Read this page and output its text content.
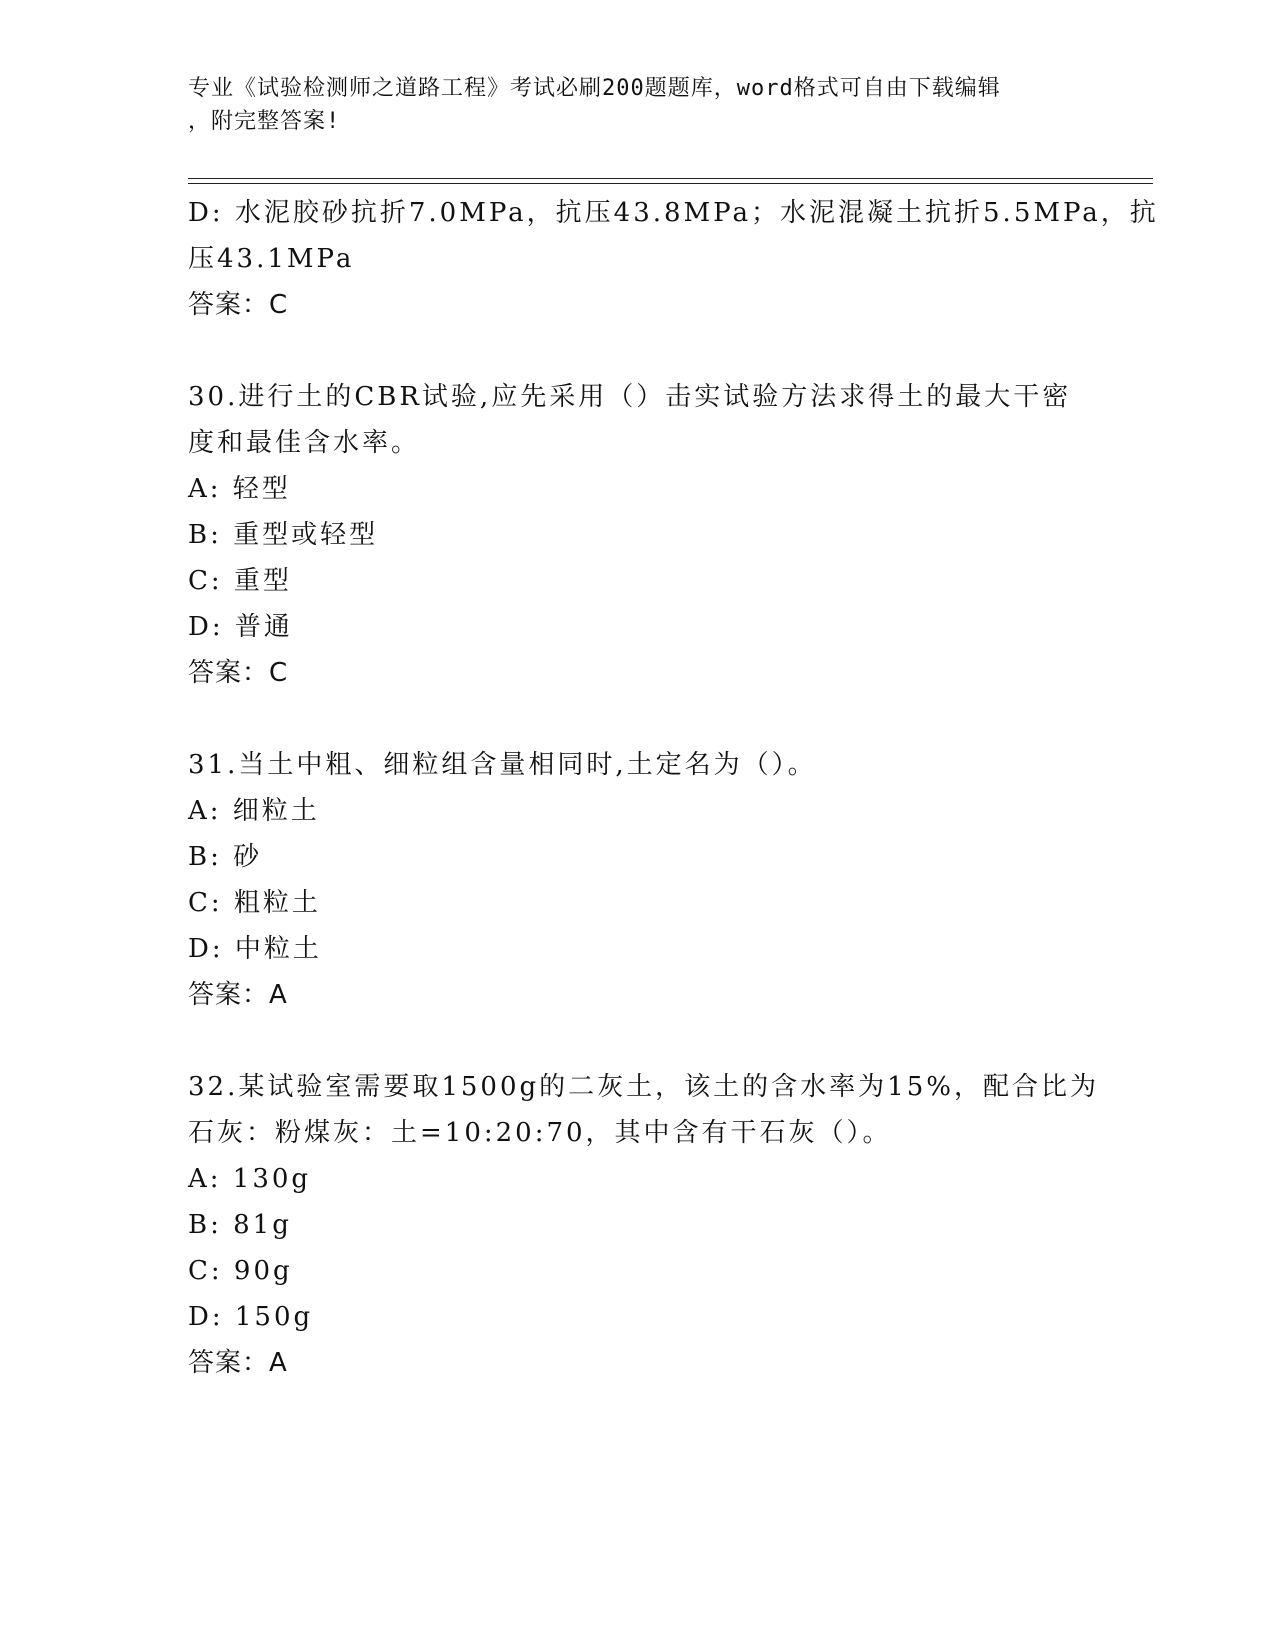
专业《试验检测师之道路工程》考试必刷200题题库，word格式可自由下载编辑
，附完整答案!
D: 水泥胶砂抗折7.0MPa，抗压43.8MPa；水泥混凝土抗折5.5MPa，抗
压43.1MPa
答案：C
30.进行土的CBR试验,应先采用（）击实试验方法求得土的最大干密
度和最佳含水率。
A: 轻型
B: 重型或轻型
C: 重型
D: 普通
答案：C
31.当土中粗、细粒组含量相同时,土定名为（）。
A: 细粒土
B: 砂
C: 粗粒土
D: 中粒土
答案：A
32.某试验室需要取1500g的二灰土，该土的含水率为15%，配合比为
石灰：粉煤灰：土=10:20:70，其中含有干石灰（）。
A: 130g
B: 81g
C: 90g
D: 150g
答案：A
